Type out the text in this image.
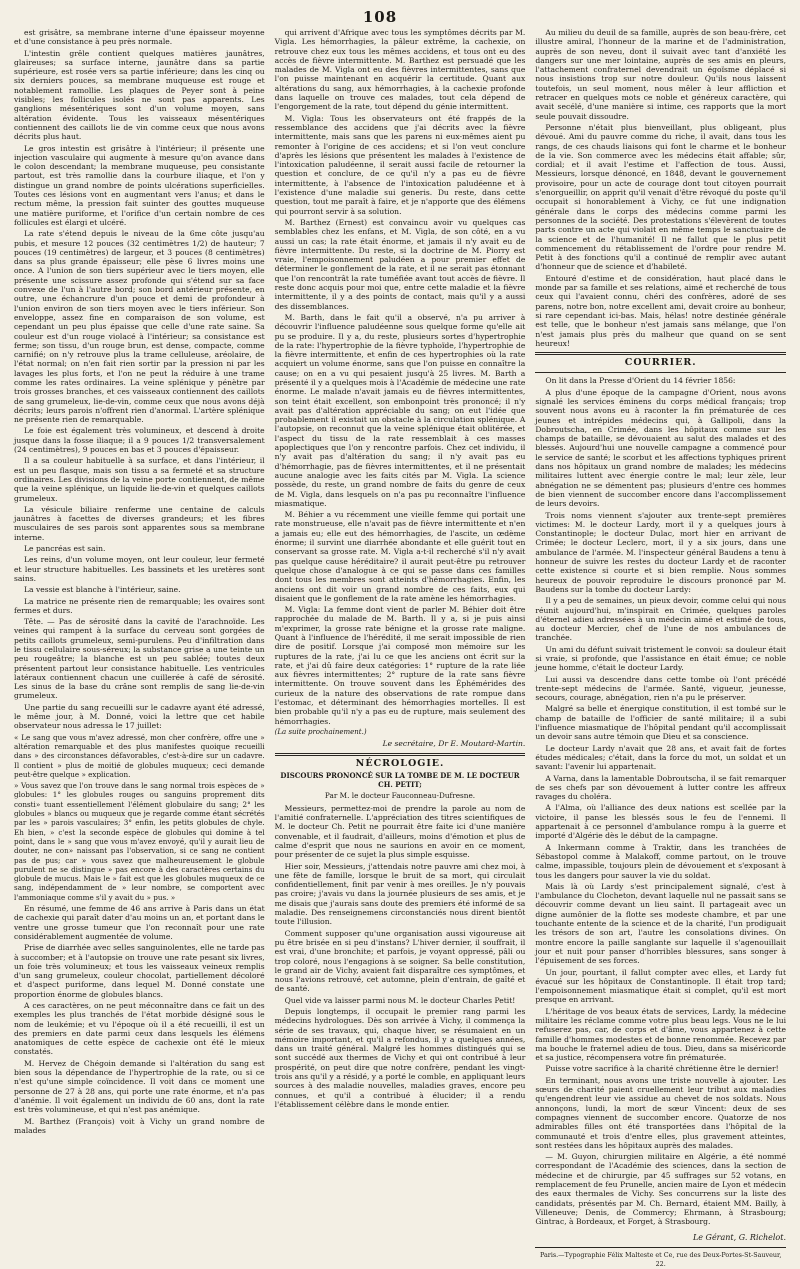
108

est grisâtre, sa membrane interne d'une épaisseur moyenne et d'une consistance à peu près normale.

L'intestin grêle contient quelques matières jaunâtres, glaireuses; sa surface interne, jaunâtre dans sa partie supérieure, est rosée vers sa partie inférieure; dans les cinq ou six derniers pouces, sa membrane muqueuse est rouge et notablement ramollie. Les plaques de Peyer sont à peine visibles; les follicules isolés ne sont pas apparents. Les ganglions mésentériques sont d'un volume moyen, sans altération évidente. Tous les vaisseaux mésentériques contiennent des caillots lie de vin comme ceux que nous avons décrits plus haut.

Le gros intestin est grisâtre à l'intérieur; il présente une injection vasculaire qui augmente à mesure qu'on avance dans le colon descendant; la membrane muqueuse, peu consistante partout, est très ramollie dans la courbure iliaque, et l'on y distingue un grand nombre de points ulcérations superficielles. Toutes ces lésions vont en augmentant vers l'anus; et dans le rectum même, la pression fait suinter des gouttes muqueuse une matière puriforme, et l'orifice d'un certain nombre de ces follicules est élargi et ulcéré.

La rate s'étend depuis le niveau de la 6me côte jusqu'au pubis, et mesure 12 pouces (32 centimètres 1/2) de hauteur; 7 pouces (19 centimètres) de largeur, et 3 pouces (8 centimètres) dans sa plus grande épaisseur; elle pèse 6 livres moins une once. A l'union de son tiers supérieur avec le tiers moyen, elle présente une scissure assez profonde qui s'étend sur sa face convexe de l'un à l'autre bord; son bord antérieur présente, en outre, une échancrure d'un pouce et demi de profondeur à l'union environ de son tiers moyen avec le tiers inférieur. Son enveloppe, assez fine en comparaison de son volume, est cependant un peu plus épaisse que celle d'une rate saine. Sa couleur est d'un rouge violacé à l'intérieur; sa consistance est ferme; son tissu, d'un rouge brun, est dense, compacte, comme carnifié; on n'y retrouve plus la trame celluleuse, aréolaire, de l'état normal; on n'en fait rien sortir par la pression ni par les lavages les plus forts, et l'on ne peut la réduire à une trame comme les rates ordinaires. La veine splénique y pénètre par trois grosses branches, et ces vaisseaux contiennent des caillots de sang grumeleux, lie-de-vin, comme ceux que nous avons déjà décrits; leurs parois n'offrent rien d'anormal. L'artère splénique ne présente rien de remarquable.

Le foie est également très volumineux, et descend à droite jusque dans la fosse iliaque; il a 9 pouces 1/2 transversalement (24 centimètres), 9 pouces en bas et 3 pouces d'épaisseur.

Il a sa couleur habituelle à sa surface, et dans l'intérieur, il est un peu flasque, mais son tissu a sa fermeté et sa structure ordinaires. Les divisions de la veine porte contiennent, de même que la veine splénique, un liquide lie-de-vin et quelques caillots grumeleux.

La vésicule biliaire renferme une centaine de calculs jaunâtres à facettes de diverses grandeurs; et les fibres musculaires de ses parois sont apparentes sous sa membrane interne.

Le pancréas est sain.

Les reins, d'un volume moyen, ont leur couleur, leur fermeté et leur structure habituelles. Les bassinets et les uretères sont sains.

La vessie est blanche à l'intérieur, saine.

La matrice ne présente rien de remarquable; les ovaires sont fermes et durs.

Tête. — Pas de sérosité dans la cavité de l'arachnoïde. Les veines qui rampent à la surface du cerveau sont gorgées de petits caillots grumeleux, semi-purulens. Peu d'infiltration dans le tissu cellulaire sous-séreux; la substance grise a une teinte un peu rougeâtre; la blanche est un peu sablée; toutes deux présentent partout leur consistance habituelle. Les ventricules latéraux contiennent chacun une cuillerée à café de sérosité. Les sinus de la base du crâne sont remplis de sang lie-de-vin grumeleux.

Une partie du sang recueilli sur le cadavre ayant été adressé, le même jour, à M. Donné, voici la lettre que cet habile observateur nous adressa le 17 juillet:

« Le sang que vous m'avez adressé, mon cher confrère, offre une » altération remarquable et des plus manifestes quoique recueilli dans » des circonstances défavorables, c'est-à-dire sur un cadavre. Il contient » plus de moitié de globules muqueux; ceci demande peut-être quelque » explication.

» Vous savez que l'on trouve dans le sang normal trois espèces de » globules: 1° les globules rouges ou sanguins proprement dits consti» tuant essentiellement l'élément globulaire du sang; 2° les globules » blancs ou muqueux que je regarde comme étant sécrétés par les » parois vasculaires; 3° enfin, les petits globules de chyle. Eh bien, » c'est la seconde espèce de globules qui domine à tel point, dans le » sang que vous m'avez envoyé, qu'il y aurait lieu de douter, ne con» naissant pas l'observation, si ce sang ne contient pas de pus; car » vous savez que malheureusement le globule purulent ne se distingue » pas encore à des caractères certains du globule de mucus. Mais le » fait est que les globules muqueux de ce sang, indépendamment de » leur nombre, se comportent avec l'ammoniaque comme s'il y avait du » pus. »

En résumé, une femme de 46 ans arrive à Paris dans un état de cachexie qui paraît dater d'au moins un an, et portant dans le ventre une grosse tumeur que l'on reconnaît pour une rate considérablement augmentée de volume.

Prise de diarrhée avec selles sanguinolentes, elle ne tarde pas à succomber; et à l'autopsie on trouve une rate pesant six livres, un foie très volumineux; et tous les vaisseaux veineux remplis d'un sang grumeleux, couleur chocolat, partiellement décoloré et d'aspect puriforme, dans lequel M. Donné constate une proportion énorme de globules blancs.

A ces caractères, on ne peut méconnaître dans ce fait un des exemples les plus tranchés de l'état morbide désigné sous le nom de leukémie; et vu l'époque où il a été recueilli, il est un des premiers en date parmi ceux dans lesquels les élémens anatomiques de cette espèce de cachexie ont été le mieux constatés.

M. Hervez de Chégoin demande si l'altération du sang est bien sous la dépendance de l'hypertrophie de la rate, ou si ce n'est qu'une simple coïncidence. Il voit dans ce moment une personne de 27 à 28 ans, qui porte une rate énorme, et n'a pas d'anémie. Il voit également un individu de 60 ans, dont la rate est très volumineuse, et qui n'est pas anémique.

M. Barthez (François) voit à Vichy un grand nombre de malades

qui arrivent d'Afrique avec tous les symptômes décrits par M. Vigla. Les hémorrhagies, la pâleur extrême, la cachexie, on retrouve chez eux tous les mêmes accidens, et tous ont eu des accès de fièvre intermittente. M. Barthez est persuadé que les malades de M. Vigla ont eu des fièvres intermittentes, sans que l'on puisse maintenant en acquérir la certitude. Quant aux altérations du sang, aux hémorrhagies, à la cachexie profonde dans laquelle on trouve ces malades, tout cela dépend de l'engorgement de la rate, tout dépend du génie intermittent.

M. Vigla: Tous les observateurs ont été frappés de la ressemblance des accidens que j'ai décrits avec la fièvre intermittente, mais sans que les parens ni eux-mêmes aient pu remonter à l'origine de ces accidens; et si l'on veut conclure d'après les lésions que présentent les malades à l'existence de l'intoxication paludéenne, il serait aussi facile de retourner la question et conclure, de ce qu'il n'y a pas eu de fièvre intermittente, à l'absence de l'intoxication paludéenne et à l'existence d'une maladie sui generis. Du reste, dans cette question, tout me paraît à faire, et je n'apporte que des élémens qui pourront servir à sa solution.

M. Barthez (Ernest) est convaincu avoir vu quelques cas semblables chez les enfans, et M. Vigla, de son côté, en a vu aussi un cas; la rate était énorme, et jamais il n'y avait eu de fièvre intermittente. Du reste, si la doctrine de M. Piorry est vraie, l'empoisonnement paludéen a pour premier effet de déterminer le gonflement de la rate, et il ne serait pas étonnant que l'on rencontrât la rate tuméfiée avant tout accès de fièvre. Il reste donc acquis pour moi que, entre cette maladie et la fièvre intermittente, il y a des points de contact, mais qu'il y a aussi des dissemblances.

M. Barth, dans le fait qu'il a observé, n'a pu arriver à découvrir l'influence paludéenne sous quelque forme qu'elle ait pu se produire. Il y a, du reste, plusieurs sortes d'hypertrophie de la rate: l'hypertrophie de la fièvre typhoïde, l'hypertrophie de la fièvre intermittente, et enfin de ces hypertrophies où la rate acquiert un volume énorme, sans que l'on puisse en connaître la cause; on en a vu qui pesaient jusqu'à 25 livres. M. Barth a présenté il y a quelques mois à l'Académie de médecine une rate énorme. Le malade n'avait jamais eu de fièvres intermittentes, son teint était excellent, son embonpoint très prononcé; il n'y avait pas d'altération appréciable du sang; on eut l'idée que probablement il existait un obstacle à la circulation splénique. A l'autopsie, on reconnut que la veine splénique était oblitérée, et l'aspect du tissu de la rate ressemblait à ces masses apoplectiques que l'on y rencontre parfois. Chez cet individu, il n'y avait pas d'altération du sang; il n'y avait pas eu d'hémorrhagie, pas de fièvres intermittentes, et il ne présentait aucune analogie avec les faits cités par M. Vigla. La science possède, du reste, un grand nombre de faits du genre de ceux de M. Vigla, dans lesquels on n'a pas pu reconnaître l'influence miasmatique.

M. Béhier a vu récemment une vieille femme qui portait une rate monstrueuse, elle n'avait pas de fièvre intermittente et n'en a jamais eu; elle eut des hémorrhagies, de l'ascite, un œdème énorme; il survint une diarrhée abondante et elle guérit tout en conservant sa grosse rate. M. Vigla a-t-il recherché s'il n'y avait pas quelque cause héréditaire? il aurait peut-être pu retrouver quelque chose d'analogue à ce qui se passe dans ces familles dont tous les membres sont atteints d'hémorrhagies. Enfin, les anciens ont dit voir un grand nombre de ces faits, eux qui disaient que le gonflement de la rate amène les hémorrhagies.

M. Vigla: La femme dont vient de parler M. Béhier doit être rapprochée du malade de M. Barth. Il y a, si je puis ainsi m'exprimer, la grosse rate bénigne et la grosse rate maligne. Quant à l'influence de l'hérédité, il me serait impossible de rien dire de positif. Lorsque j'ai composé mon mémoire sur les ruptures de la rate, j'ai lu ce que les anciens ont écrit sur la rate, et j'ai dû faire deux catégories: 1° rupture de la rate liée aux fièvres intermittentes; 2° rupture de la rate sans fièvre intermittente. On trouve souvent dans les Éphémérides des curieux de la nature des observations de rate rompue dans l'estomac, et déterminant des hémorrhagies mortelles. Il est bien probable qu'il n'y a pas eu de rupture, mais seulement des hémorrhagies.

(La suite prochainement.)
Le secrétaire, Dr E. Moutard-Martin.
NÉCROLOGIE.
DISCOURS PRONONCÉ SUR LA TOMBE DE M. LE DOCTEUR CH. PETIT;
Par M. le docteur Fauconneau-Dufresne.

Messieurs, permettez-moi de prendre la parole au nom de l'amitié confraternelle. L'appréciation des titres scientifiques de M. le docteur Ch. Petit ne pourrait être faite ici d'une manière convenable, et il faudrait, d'ailleurs, moins d'émotion et plus de calme d'esprit que nous ne saurions en avoir en ce moment, pour présenter de ce sujet la plus simple esquisse.

Hier soir, Messieurs, j'attendais notre pauvre ami chez moi, à une fête de famille, lorsque le bruit de sa mort, qui circulait confidentiellement, finit par venir à mes oreilles. Je n'y pouvais pas croire; j'avais vu dans la journée plusieurs de ses amis, et je me disais que j'aurais sans doute des premiers été informé de sa maladie. Des renseignemens circonstanciés nous dirent bientôt toute l'illusion.

Comment supposer qu'une organisation aussi vigoureuse ait pu être brisée en si peu d'instans? L'hiver dernier, il souffrait, il est vrai, d'une bronchite; et parfois, je voyant oppressé, pâli ou trop coloré, nous l'engagions à se soigner. Sa belle constitution, le grand air de Vichy, avaient fait disparaître ces symptômes, et nous l'avions retrouvé, cet automne, plein d'entrain, de gaîté et de santé.

Quel vide va laisser parmi nous M. le docteur Charles Petit!

Depuis longtemps, il occupait le premier rang parmi les médecins hydrologues. Dès son arrivée à Vichy, il commença la série de ses travaux, qui, chaque hiver, se résumaient en un mémoire important, et qu'il a refondus, il y a quelques années, dans un traité général. Malgré les hommes distingués qui se sont succédé aux thermes de Vichy et qui ont contribué à leur prospérité, on peut dire que notre confrère, pendant les vingt-trois ans qu'il y a résidé, y a porté le comble, en appliquant leurs sources à des maladie nouvelles, maladies graves, encore peu connues, et qu'il a contribué à élucider; il a rendu l'établissement célèbre dans le monde entier.

Au milieu du deuil de sa famille, auprès de son beau-frère, cet illustre amiral, l'honneur de la marine et de l'administration, auprès de son neveu, dont il suivait avec tant d'anxiété les dangers sur une mer lointaine, auprès de ses amis en pleurs, l'attachement confraternel devendrait un égoïsme déplacé si nous insistions trop sur notre douleur. Qu'ils nous laissent toutefois, un seul moment, nous mêler à leur affliction et retracer en quelques mots ce noble et généreux caractère, qui avait secélé, d'une manière si intime, ces rapports que la mort seule pouvait dissoudre.

Personne n'était plus bienveillant, plus obligeant, plus dévoué. Ami du pauvre comme du riche, il avait, dans tous les rangs, de ces chauds liaisons qui font le charme et le bonheur de la vie. Son commerce avec les médecins était affable; sûr, cordial; et il avait l'estime et l'affection de tous. Aussi, Messieurs, lorsque dénoncé, en 1848, devant le gouvernement provisoire, pour un acte de courage dont tout citoyen pourrait s'enorgueillir, on apprit qu'il venait d'être révoqué du poste qu'il occupait si honorablement à Vichy, ce fut une indignation générale dans le corps des médecins comme parmi les personnes de la société. Des protestations s'élevèrent de toutes parts contre un acte qui violait en même temps le sanctuaire de la science et de l'humanité! Il ne fallut que le plus petit commencement du rétablissement de l'ordre pour rendre M. Petit à des fonctions qu'il a continué de remplir avec autant d'honneur que de science et d'habileté.

Entouré d'estime et de considération, haut placé dans le monde par sa famille et ses relations, aimé et recherché de tous ceux qui l'avaient connu, chéri des confrères, adoré de ses parens, notre bon, notre excellent ami, devait croire au bonheur, si rare cependant ici-bas. Mais, hélas! notre destinée générale est telle, que le bonheur n'est jamais sans mélange, que l'on n'est jamais plus près du malheur que quand on se sent heureux!

COURRIER.

On lit dans la Presse d'Orient du 14 février 1856:

A plus d'une époque de la campagne d'Orient, nous avons signalé les services éminens du corps médical français; trop souvent nous avons eu à raconter la fin prématurée de ces jeunes et intrépides médecins qui, à Gallipoli, dans la Dobroutscha, en Crimée, dans les hôpitaux comme sur les champs de bataille, se dévouaient au salut des malades et des blessés. Aujourd'hui une nouvelle campagne a commencé pour le service de santé; le scorbut et les affections typhiques prirent dans nos hôpitaux un grand nombre de malades; les médecins militaires luttent avec énergie contre le mal; leur zèle, leur abnégation ne se démentent pas; plusieurs d'entre ces hommes de bien viennent de succomber encore dans l'accomplissement de leurs devoirs.

Trois noms viennent s'ajouter aux trente-sept premières victimes: M. le docteur Lardy, mort il y a quelques jours à Constantinople; le docteur Dulac, mort hier en arrivant de Crimée; le docteur Leclerc, mort, il y a six jours, dans une ambulance de l'armée. M. l'inspecteur général Baudens a tenu à honneur de suivre les restes du docteur Lardy et de raconter cette existence si courte et si bien remplie. Nous sommes heureux de pouvoir reproduire le discours prononcé par M. Baudens sur la tombe du docteur Lardy:

Il y a peu de semaines, un pieux devoir, comme celui qui nous réunit aujourd'hui, m'inspirait en Crimée, quelques paroles d'éternel adieu adressées à un médecin aimé et estimé de tous, au docteur Mercier, chef de l'une de nos ambulances de tranchée.

Un ami du défunt suivait tristement le convoi: sa douleur était si vraie, si profonde, que l'assistance en était émue; ce noble jeune homme, c'était le docteur Lardy.

Lui aussi va descendre dans cette tombe où l'ont précédé trente-sept médecins de l'armée. Santé, vigueur, jeunesse, secours, courage, abnégation, rien n'a pu le préserver.

Malgré sa belle et énergique constitution, il est tombé sur le champ de bataille de l'officier de santé militaire; il a subi l'influence miasmatique de l'hôpital pendant qu'il accomplissait un devoir sans autre témoin que Dieu et sa conscience.

Le docteur Lardy n'avait que 28 ans, et avait fait de fortes études médicales; c'était, dans la force du mot, un soldat et un savant: l'avenir lui appartenait.

A Varna, dans la lamentable Dobroutscha, il se fait remarquer de ses chefs par son dévouement à lutter contre les affreux ravages du choléra.

A l'Alma, où l'alliance des deux nations est scellée par la victoire, il panse les blessés sous le feu de l'ennemi. Il appartenait à ce personnel d'ambulance rompu à la guerre et importé d'Algérie dès le début de la campagne.

A Inkermann comme à Traktir, dans les tranchées de Sébastopol comme à Malakoff, comme partout, on le trouve calme, impassible, toujours plein de dévouement et s'exposant à tous les dangers pour sauver la vie du soldat.

Mais là où Lardy s'est principalement signalé, c'est à l'ambulance du Clocheton, devant laquelle nul ne passait sans se découvrir comme devant un lieu saint. Il partageait avec un digne aumônier de la flotte ses modeste chambre, et par une touchante entente de la science et de la charité, l'un prodiguait les trésors de son art, l'autre les consolations divines. On montre encore la paille sanglante sur laquelle il s'agenouillait jour et nuit pour panser d'horribles blessures, sans songer à l'épuisement de ses forces.

Un jour, pourtant, il fallut compter avec elles, et Lardy fut évacué sur les hôpitaux de Constantinople. Il était trop tard; l'empoisonnement miasmatique était si complet, qu'il est mort presque en arrivant.

L'héritage de vos beaux états de services, Lardy, la médecine militaire les réclame comme votre plus beau legs. Vous ne le lui refuserez pas, car, de corps et d'âme, vous appartenez à cette famille d'hommes modestes et de bonne renommée. Recevez par ma bouche le fraternel adieu de tous. Dieu, dans sa miséricorde et sa justice, récompensera votre fin prématurée.

Puisse votre sacrifice à la charité chrétienne être le dernier!

En terminant, nous avons une triste nouvelle à ajouter. Les sœurs de charité paient cruellement leur tribut aux maladies qu'engendrent leur vie assidue au chevet de nos soldats. Nous annonçons, lundi, la mort de sœur Vincent: deux de ses compagnes viennent de succomber encore. Quatorze de nos admirables filles ont été transportées dans l'hôpital de la communauté et trois d'entre elles, plus gravement atteintes, sont restées dans les hôpitaux auprès des malades.

— M. Guyon, chirurgien militaire en Algérie, a été nommé correspondant de l'Académie des sciences, dans la section de médecine et de chirurgie, par 45 suffrages sur 52 votans, en remplacement de feu Prunelle, ancien maire de Lyon et médecin des eaux thermales de Vichy. Ses concurrens sur la liste des candidats, présentés par M. Ch. Bernard, étaient MM. Bailly, à Villeneuve; Denis, de Commercy; Ehrmann, à Strasbourg; Gintrac, à Bordeaux, et Forget, à Strasbourg.

Le Gérant, G. Richelot.
Paris.—Typographie Félix Malteste et Ce, rue des Deux-Portes-St-Sauveur, 22.
